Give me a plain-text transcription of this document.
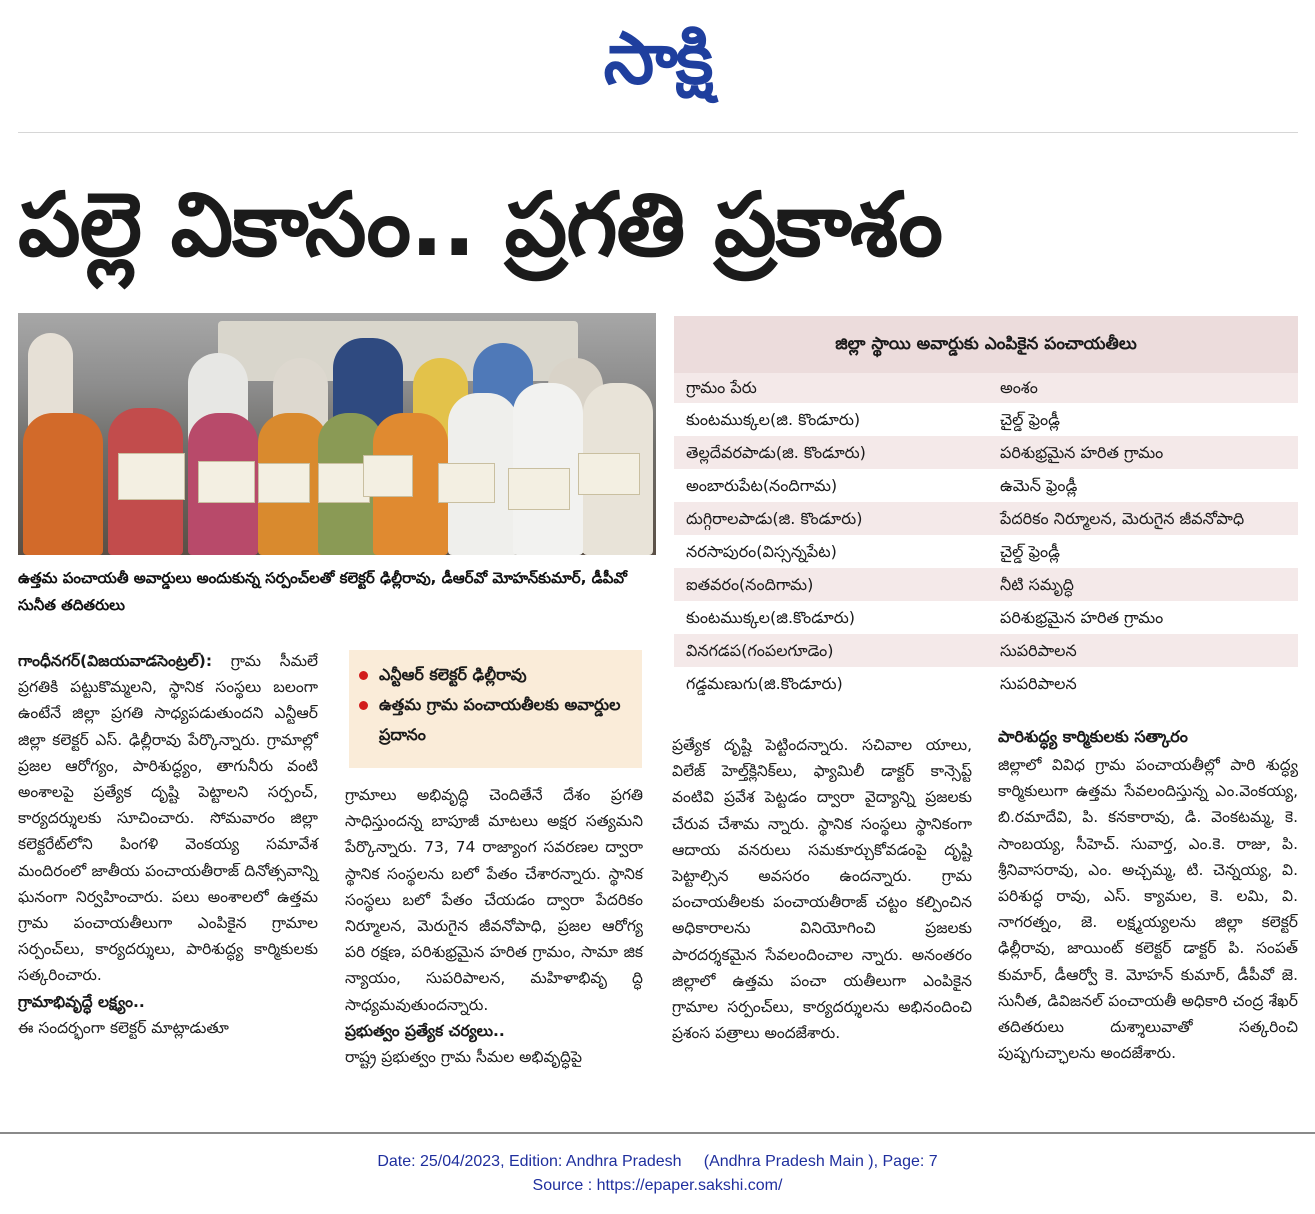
సాక్షి
పల్లె వికాసం.. ప్రగతి ప్రకాశం
ఉత్తమ పంచాయతీ అవార్డులు అందుకున్న సర్పంచ్‌లతో కలెక్టర్ ఢిల్లీరావు, డీఆర్‌వో మోహన్‌కుమార్, డీపీవో సునీత తదితరులు
జిల్లా స్థాయి అవార్డుకు ఎంపికైన పంచాయతీలు
గ్రామం పేరు	అంశం
కుంటముక్కల(జి. కొండూరు)	చైల్డ్ ఫ్రెండ్లీ
తెల్లదేవరపాడు(జి. కొండూరు)	పరిశుభ్రమైన హరిత గ్రామం
అంబారుపేట(నందిగామ)	ఉమెన్ ఫ్రెండ్లీ
దుగ్గిరాలపాడు(జి. కొండూరు)	పేదరికం నిర్మూలన, మెరుగైన జీవనోపాధి
నరసాపురం(విస్సన్నపేట)	చైల్డ్ ఫ్రెండ్లీ
ఐతవరం(నందిగామ)	నీటి సమృద్ధి
కుంటముక్కల(జి.కొండూరు)	పరిశుభ్రమైన హరిత గ్రామం
వినగడప(గంపలగూడెం)	సుపరిపాలన
గడ్డమణుగు(జి.కొండూరు)	సుపరిపాలన

గాంధీనగర్(విజయవాడసెంట్రల్): గ్రామ సీమలే ప్రగతికి పట్టుకొమ్మలని, స్థానిక సంస్థలు బలంగా ఉంటేనే జిల్లా ప్రగతి సాధ్యపడుతుందని ఎన్టీఆర్ జిల్లా కలెక్టర్ ఎస్. ఢిల్లీరావు పేర్కొన్నారు. గ్రామాల్లో ప్రజల ఆరోగ్యం, పారిశుద్ధ్యం, తాగునీరు వంటి అంశాలపై ప్రత్యేక దృష్టి పెట్టాలని సర్పంచ్, కార్యదర్శులకు సూచించారు. సోమవారం జిల్లా కలెక్టరేట్‌లోని పింగళి వెంకయ్య సమావేశ మందిరంలో జాతీయ పంచాయతీరాజ్ దినోత్సవాన్ని ఘనంగా నిర్వహించారు. పలు అంశాలలో ఉత్తమ గ్రామ పంచాయతీలుగా ఎంపికైన గ్రామాల సర్పంచ్‌లు, కార్యదర్శులు, పారిశుద్ధ్య కార్మికులకు సత్కరించారు.

గ్రామాభివృద్ధే లక్ష్యం..

ఈ సందర్భంగా కలెక్టర్ మాట్లాడుతూ

ఎన్టీఆర్ కలెక్టర్ ఢిల్లీరావు
ఉత్తమ గ్రామ పంచాయతీలకు అవార్డుల ప్రదానం

గ్రామాలు అభివృద్ధి చెందితేనే దేశం ప్రగతి సాధిస్తుందన్న బాపూజీ మాటలు అక్షర సత్యమని పేర్కొన్నారు. 73, 74 రాజ్యాంగ సవరణల ద్వారా స్థానిక సంస్థలను బలో పేతం చేశారన్నారు. స్థానిక సంస్థలు బలో పేతం చేయడం ద్వారా పేదరికం నిర్మూలన, మెరుగైన జీవనోపాధి, ప్రజల ఆరోగ్య పరి రక్షణ, పరిశుభ్రమైన హరిత గ్రామం, సామా జిక న్యాయం, సుపరిపాలన, మహిళాభివృ ద్ధి సాధ్యమవుతుందన్నారు.

ప్రభుత్వం ప్రత్యేక చర్యలు..

రాష్ట్ర ప్రభుత్వం గ్రామ సీమల అభివృద్ధిపై

ప్రత్యేక దృష్టి పెట్టిందన్నారు. సచివాల యాలు, విలేజ్ హెల్త్‌క్లినిక్‌లు, ఫ్యామిలీ డాక్టర్ కాన్సెప్ట్ వంటివి ప్రవేశ పెట్టడం ద్వారా వైద్యాన్ని ప్రజలకు చేరువ చేశామ న్నారు. స్థానిక సంస్థలు స్థానికంగా ఆదాయ వనరులు సమకూర్చుకోవడంపై దృష్టి పెట్టాల్సిన అవసరం ఉందన్నారు. గ్రామ పంచాయతీలకు పంచాయతీరాజ్ చట్టం కల్పించిన అధికారాలను వినియోగించి ప్రజలకు పారదర్శకమైన సేవలందించాల న్నారు. అనంతరం జిల్లాలో ఉత్తమ పంచా యతీలుగా ఎంపికైన గ్రామాల సర్పంచ్‌లు, కార్యదర్శులను అభినందించి ప్రశంస పత్రాలు అందజేశారు.

పారిశుద్ధ్య కార్మికులకు సత్కారం

జిల్లాలో వివిధ గ్రామ పంచాయతీల్లో పారి శుద్ధ్య కార్మికులుగా ఉత్తమ సేవలందిస్తున్న ఎం.వెంకయ్య, బి.రమాదేవి, పి. కనకారావు, డి. వెంకటమ్మ, కె. సాంబయ్య, సీహెచ్. సువార్త, ఎం.కె. రాజు, పి. శ్రీనివాసరావు, ఎం. అచ్చమ్మ, టి. చెన్నయ్య, వి. పరిశుద్ధ రావు, ఎస్. క్యామల, కె. లమి, వి. నాగరత్నం, జె. లక్ష్మయ్యలను జిల్లా కలెక్టర్ ఢిల్లీరావు, జాయింట్ కలెక్టర్ డాక్టర్ పి. సంపత్ కుమార్, డీఆర్వో కె. మోహన్ కుమార్, డీపీవో జె. సునీత, డివిజనల్ పంచాయతీ అధికారి చంద్ర శేఖర్ తదితరులు దుశ్శాలువాతో సత్కరించి పుష్పగుచ్ఛాలను అందజేశారు.

Date: 25/04/2023, Edition: Andhra Pradesh     (Andhra Pradesh Main ), Page: 7
Source : https://epaper.sakshi.com/
